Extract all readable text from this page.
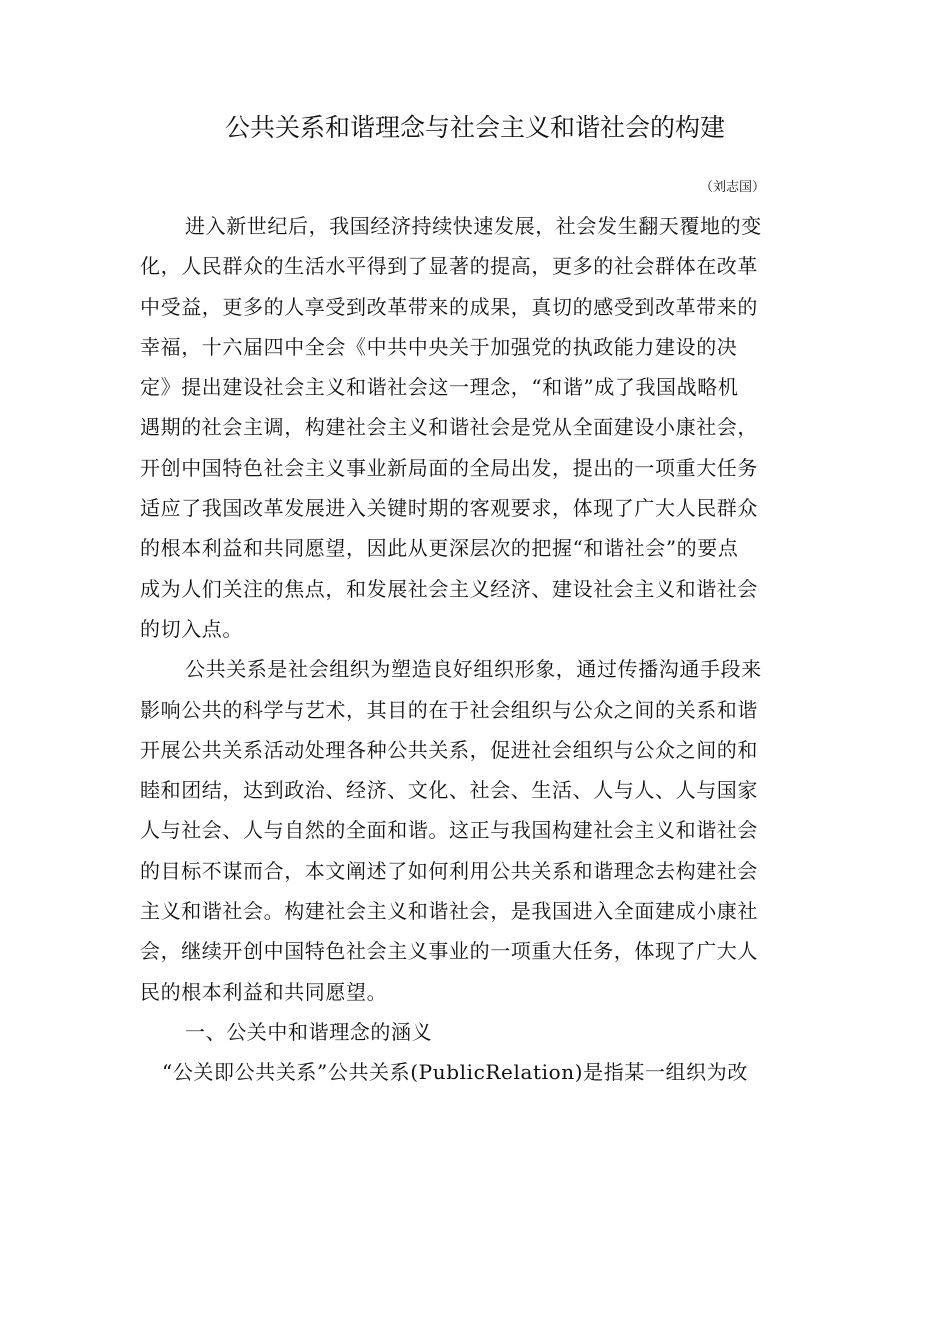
公共关系和谐理念与社会主义和谐社会的构建
（刘志国）
进入新世纪后，我国经济持续快速发展，社会发生翻天覆地的变
化，人民群众的生活水平得到了显著的提高，更多的社会群体在改革
中受益，更多的人享受到改革带来的成果，真切的感受到改革带来的
幸福，十六届四中全会《中共中央关于加强党的执政能力建设的决
定》提出建设社会主义和谐社会这一理念，“和谐”成了我国战略机
遇期的社会主调，构建社会主义和谐社会是党从全面建设小康社会，
开创中国特色社会主义事业新局面的全局出发，提出的一项重大任务
适应了我国改革发展进入关键时期的客观要求，体现了广大人民群众
的根本利益和共同愿望，因此从更深层次的把握“和谐社会”的要点
成为人们关注的焦点，和发展社会主义经济、建设社会主义和谐社会
的切入点。
公共关系是社会组织为塑造良好组织形象，通过传播沟通手段来
影响公共的科学与艺术，其目的在于社会组织与公众之间的关系和谐
开展公共关系活动处理各种公共关系，促进社会组织与公众之间的和
睦和团结，达到政治、经济、文化、社会、生活、人与人、人与国家
人与社会、人与自然的全面和谐。这正与我国构建社会主义和谐社会
的目标不谋而合，本文阐述了如何利用公共关系和谐理念去构建社会
主义和谐社会。构建社会主义和谐社会，是我国进入全面建成小康社
会，继续开创中国特色社会主义事业的一项重大任务，体现了广大人
民的根本利益和共同愿望。
一、公关中和谐理念的涵义
“公关即公共关系”公共关系(PublicRelation)是指某一组织为改
